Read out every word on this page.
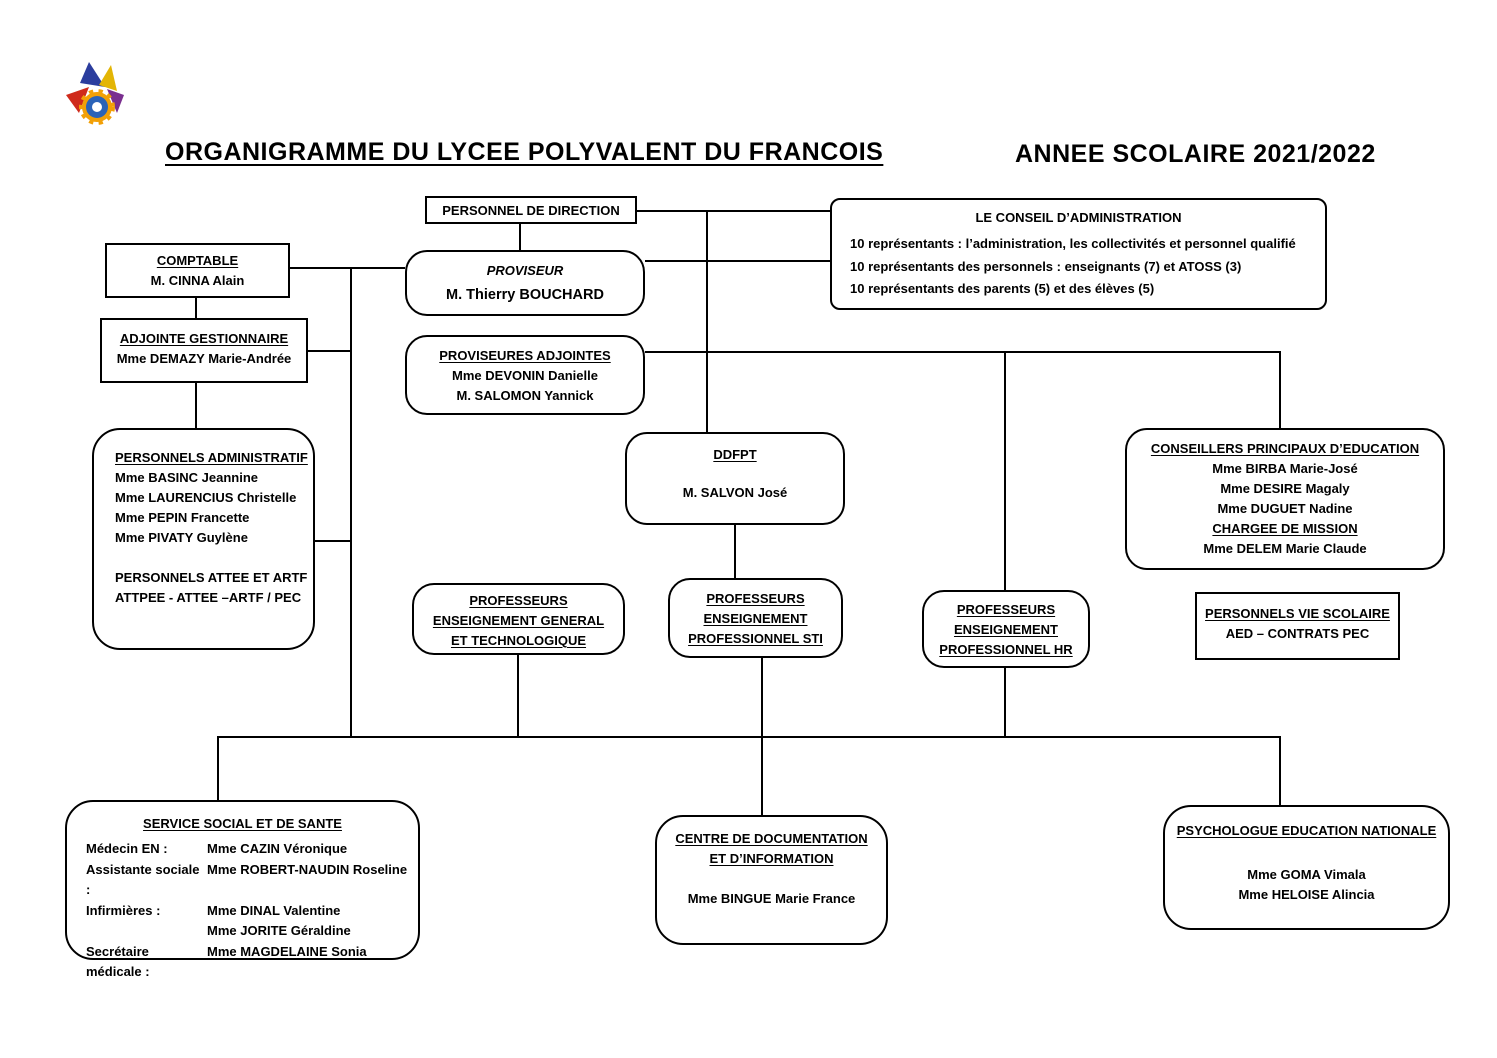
ORGANIGRAMME DU LYCEE POLYVALENT DU FRANCOIS	ANNEE SCOLAIRE 2021/2022
PERSONNEL DE DIRECTION	LE CONSEIL D’ADMINISTRATION
10 représentants : l’administration, les collectivités et personnel qualifié
10 représentants des personnels : enseignants (7) et ATOSS (3)
10 représentants des parents (5) et des élèves (5)
COMPTABLE
M. CINNA Alain
PROVISEUR
M. Thierry BOUCHARD
ADJOINTE GESTIONNAIRE
Mme DEMAZY Marie-Andrée	PROVISEURES ADJOINTES
Mme DEVONIN Danielle
M. SALOMON Yannick
DDFPT
M. SALVON José
CONSEILLERS PRINCIPAUX D’EDUCATION
Mme BIRBA Marie-José
Mme DESIRE Magaly
Mme DUGUET Nadine
CHARGEE DE MISSION
Mme DELEM Marie Claude
PERSONNELS ADMINISTRATIF
Mme BASINC Jeannine
Mme LAURENCIUS Christelle
Mme PEPIN Francette
Mme PIVATY Guylène
PERSONNELS ATTEE ET ARTF
ATTPEE - ATTEE –ARTF / PEC	PROFESSEURS
ENSEIGNEMENT GENERAL
ET TECHNOLOGIQUE
PROFESSEURS
ENSEIGNEMENT
PROFESSIONNEL STI
PROFESSEURS
ENSEIGNEMENT
PROFESSIONNEL HR
PERSONNELS VIE SCOLAIRE
AED – CONTRATS PEC
SERVICE SOCIAL ET DE SANTE
Médecin EN :	Mme CAZIN Véronique
Assistante sociale :
Mme ROBERT-NAUDIN Roseline
Infirmières :	Mme DINAL Valentine
Mme JORITE Géraldine
Secrétaire médicale :
Mme MAGDELAINE Sonia
CENTRE DE DOCUMENTATION
ET D’INFORMATION
Mme BINGUE Marie France
PSYCHOLOGUE EDUCATION NATIONALE
Mme GOMA Vimala
Mme HELOISE Alincia
